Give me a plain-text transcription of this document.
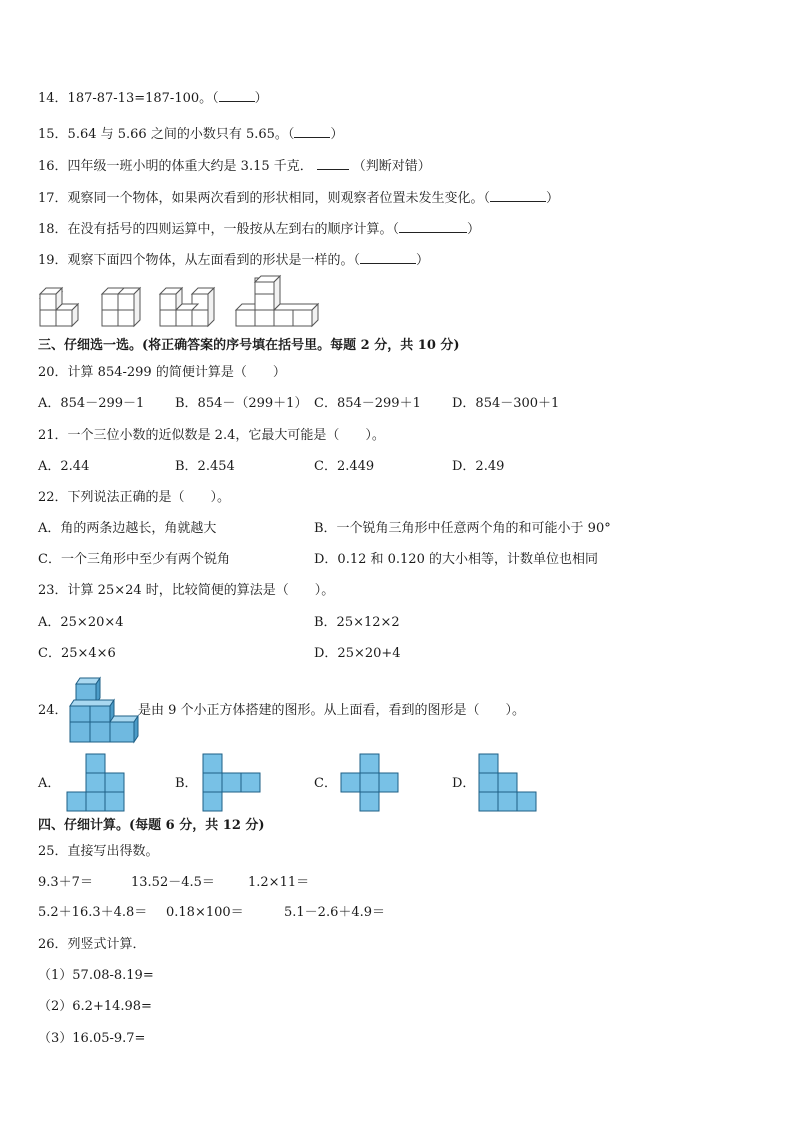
14．187-87-13=187-100。（	）
15．5.64 与 5.66 之间的小数只有 5.65。（	）
16．四年级一班小明的体重大约是 3.15 千克．	（判断对错）
17．观察同一个物体，如果两次看到的形状相同，则观察者位置未发生变化。（	）
18．在没有括号的四则运算中，一般按从左到右的顺序计算。（	）
19．观察下面四个物体，从左面看到的形状是一样的。（	）
三、仔细选一选。(将正确答案的序号填在括号里。每题 2 分，共 10 分)
20．计算 854-299 的简便计算是（　　）
A．854－299－1 B．854－（299＋1） C．854－299＋1 D．854－300＋1
21．一个三位小数的近似数是 2.4，它最大可能是（　　）。
A．2.44	B．2.454	C．2.449	D．2.49
22．下列说法正确的是（　　）。
A．角的两条边越长，角就越大	B．一个锐角三角形中任意两个角的和可能小于 90°
C．一个三角形中至少有两个锐角	D．0.12 和 0.120 的大小相等，计数单位也相同
23．计算 25×24 时，比较简便的算法是（　　）。
A．25×20×4	B．25×12×2
C．25×4×6	D．25×20+4
24．	是由 9 个小正方体搭建的图形。从上面看，看到的图形是（　　）。
A．	B．	C．	D．
四、仔细计算。(每题 6 分，共 12 分)
25．直接写出得数。
9.3＋7＝	13.52－4.5＝	1.2×11＝
5.2＋16.3＋4.8＝ 0.18×100＝	5.1－2.6＋4.9＝
26．列竖式计算．
（1）57.08-8.19=
（2）6.2+14.98=
（3）16.05-9.7=
